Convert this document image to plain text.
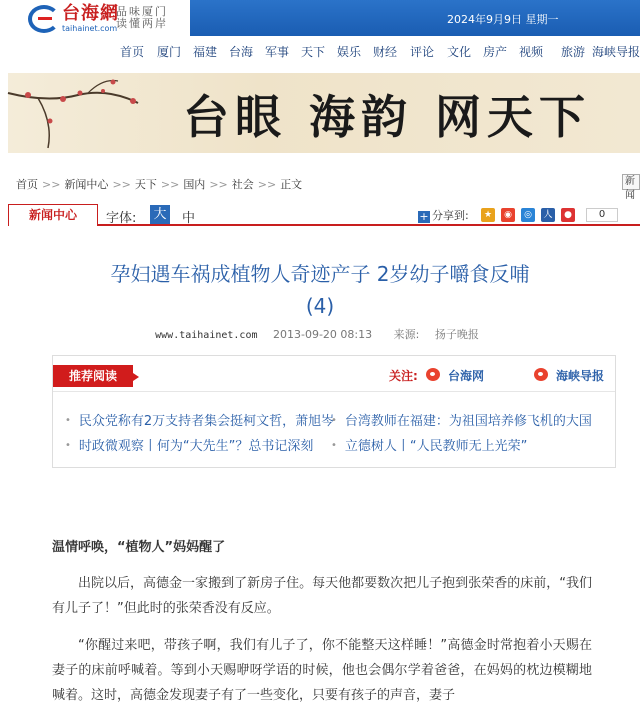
台海網
taihainet.com
品味厦门 读懂两岸	2024年9月9日 星期一
首页 厦门 福建 台海 军事 天下 娱乐 财经 评论 文化 房产 视频 旅游 海峡导报
台眼 海韵 网天下
首页 >> 新闻中心 >> 天下 >> 国内 >> 社会 >> 正文	新闻
新闻中心	字体: 大 中	+ 分享到:	★	◉	◎	人	●	0
孕妇遇车祸成植物人奇迹产子 2岁幼子嚼食反哺
(4)
www.taihainet.com 2013-09-20 08:13 来源: 扬子晚报
推荐阅读	关注:	台海网	海峡导报
• 民众党称有2万支持者集会挺柯文哲，萧旭岑 • 台湾教师在福建：为祖国培养修飞机的大国
• 时政微观察丨何为“大先生”？总书记深刻	• 立德树人丨“人民教师无上光荣”
温情呼唤，“植物人”妈妈醒了
出院以后，高德金一家搬到了新房子住。每天他都要数次把儿子抱到张荣香的床前，“我们有儿子了！”但此时的张荣香没有反应。
“你醒过来吧，带孩子啊，我们有儿子了，你不能整天这样睡！”高德金时常抱着小天赐在妻子的床前呼喊着。等到小天赐咿呀学语的时候，他也会偶尔学着爸爸，在妈妈的枕边模糊地喊着。这时，高德金发现妻子有了一些变化，只要有孩子的声音，妻子
